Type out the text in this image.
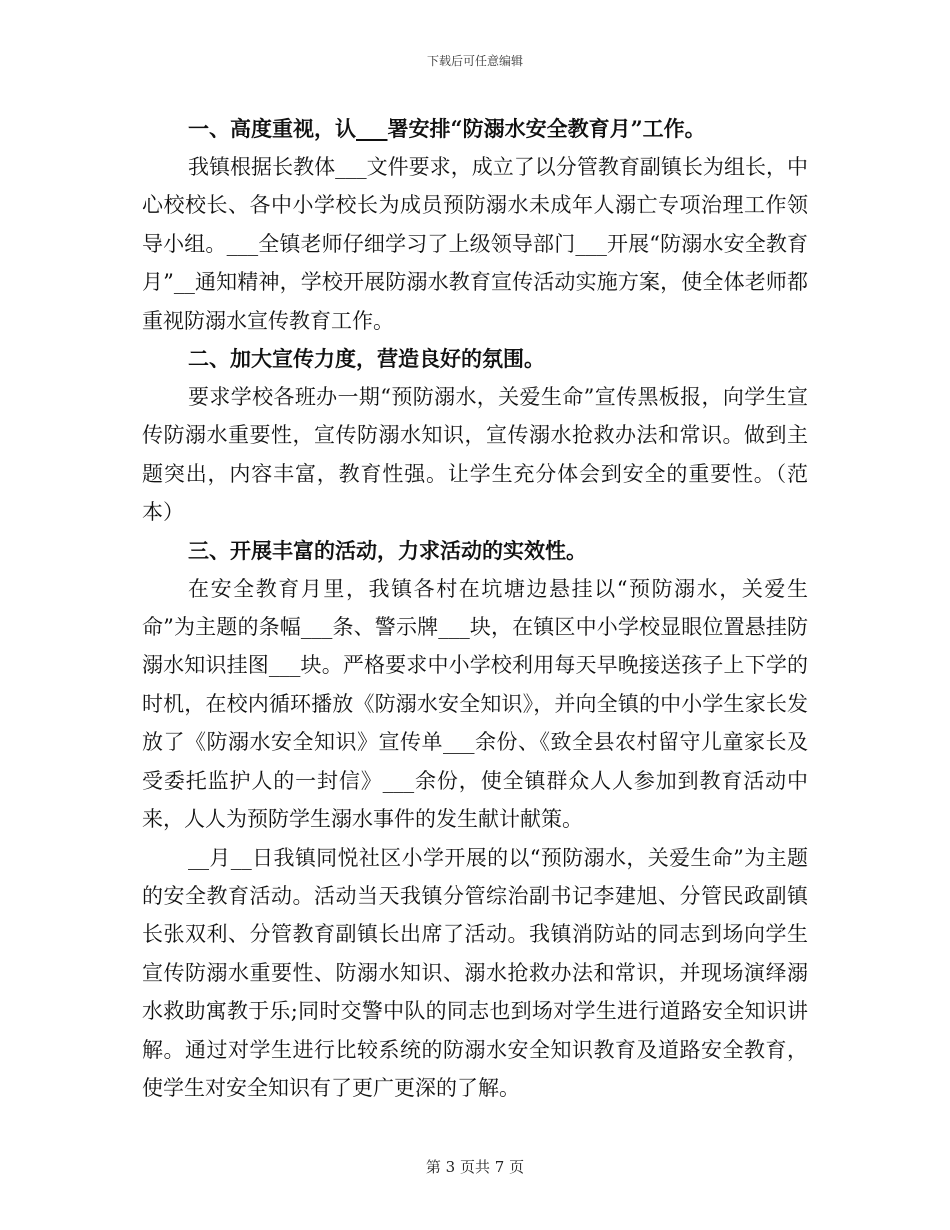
下载后可任意编辑

一、高度重视，认___署安排“防溺水安全教育月”工作。

我镇根据长教体___文件要求，成立了以分管教育副镇长为组长，中心校校长、各中小学校长为成员预防溺水未成年人溺亡专项治理工作领导小组。___全镇老师仔细学习了上级领导部门___开展“防溺水安全教育月”__通知精神，学校开展防溺水教育宣传活动实施方案，使全体老师都重视防溺水宣传教育工作。

二、加大宣传力度，营造良好的氛围。

要求学校各班办一期“预防溺水，关爱生命”宣传黑板报，向学生宣传防溺水重要性，宣传防溺水知识，宣传溺水抢救办法和常识。做到主题突出，内容丰富，教育性强。让学生充分体会到安全的重要性。（范本）

三、开展丰富的活动，力求活动的实效性。

在安全教育月里，我镇各村在坑塘边悬挂以“预防溺水，关爱生命”为主题的条幅___条、警示牌___块，在镇区中小学校显眼位置悬挂防溺水知识挂图___块。严格要求中小学校利用每天早晚接送孩子上下学的时机，在校内循环播放《防溺水安全知识》，并向全镇的中小学生家长发放了《防溺水安全知识》宣传单___余份、《致全县农村留守儿童家长及受委托监护人的一封信》___余份，使全镇群众人人参加到教育活动中来，人人为预防学生溺水事件的发生献计献策。

__月__日我镇同悦社区小学开展的以“预防溺水，关爱生命”为主题的安全教育活动。活动当天我镇分管综治副书记李建旭、分管民政副镇长张双利、分管教育副镇长出席了活动。我镇消防站的同志到场向学生宣传防溺水重要性、防溺水知识、溺水抢救办法和常识，并现场演绎溺水救助寓教于乐;同时交警中队的同志也到场对学生进行道路安全知识讲解。通过对学生进行比较系统的防溺水安全知识教育及道路安全教育，使学生对安全知识有了更广更深的了解。

第 3 页共 7 页
